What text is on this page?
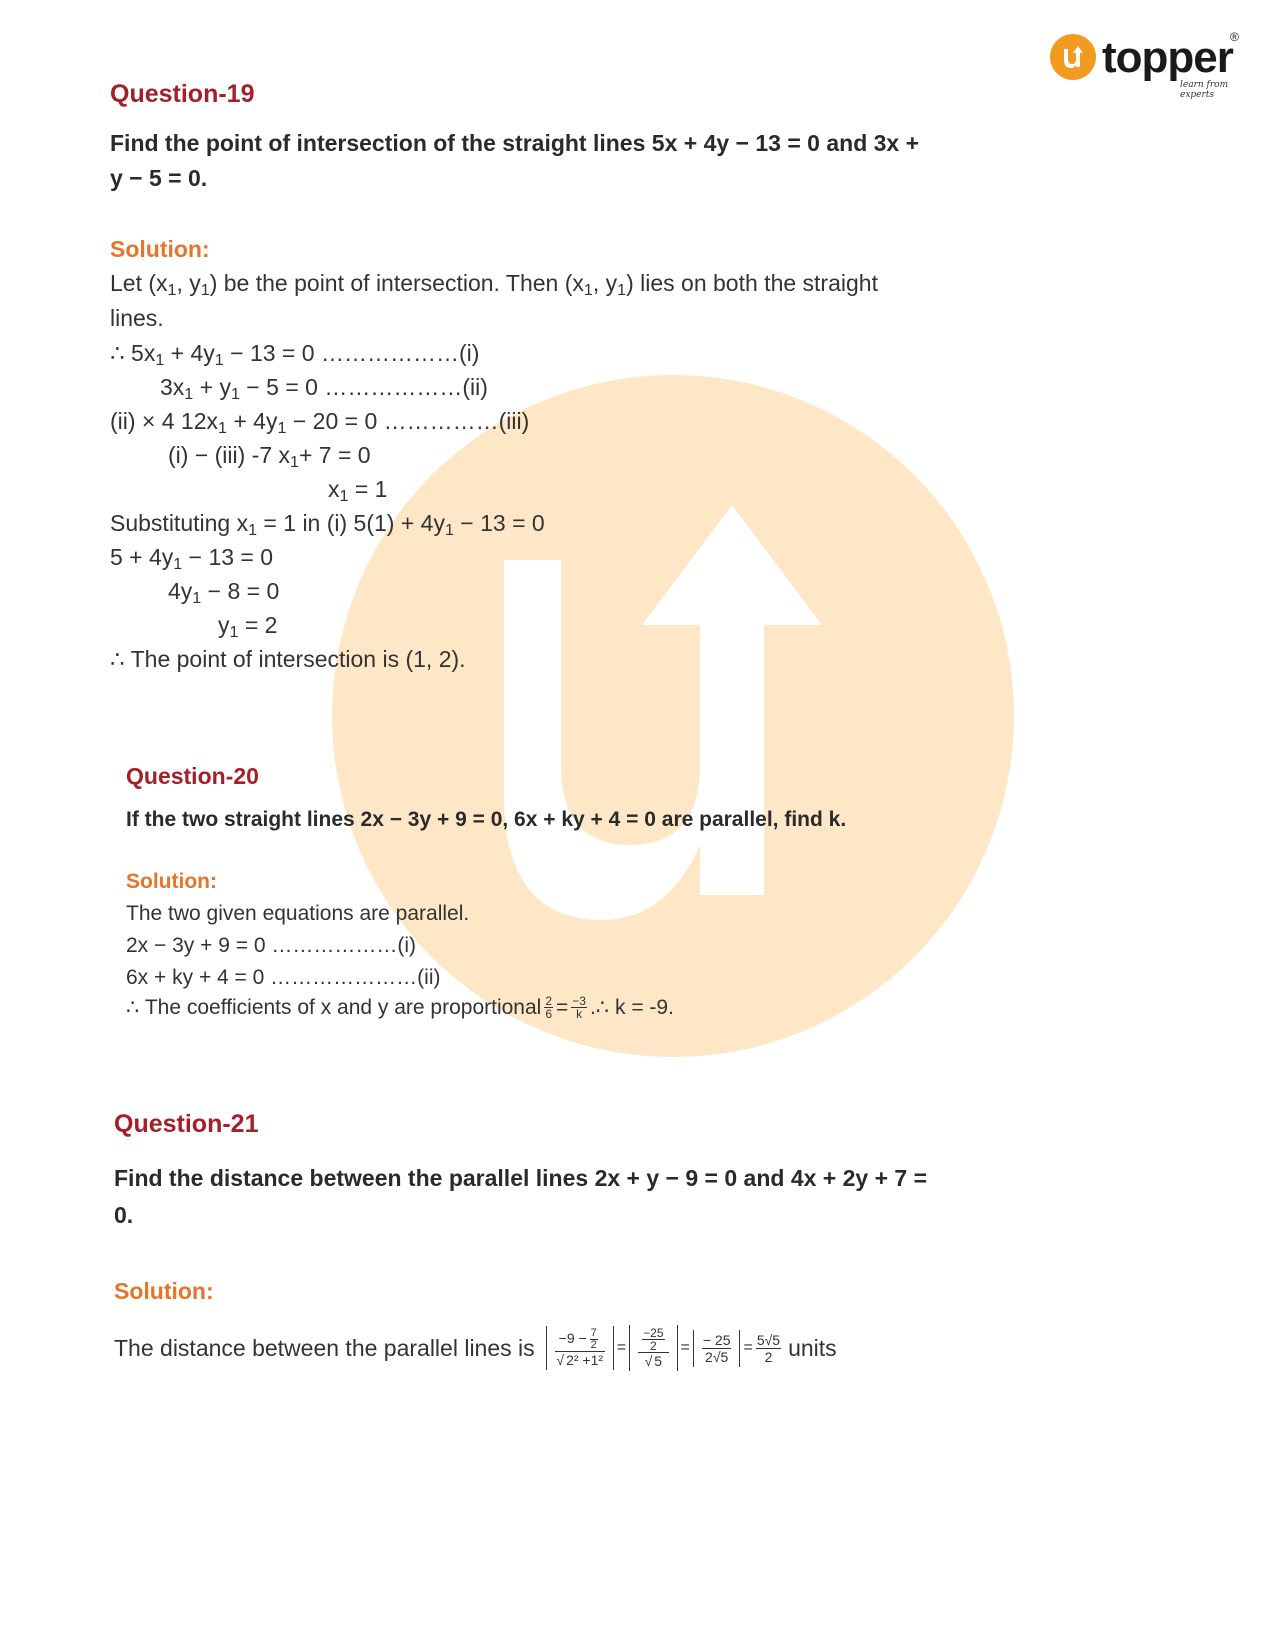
topper
®
learn from experts
Question-19
Find the point of intersection of the straight lines 5x + 4y − 13 = 0 and 3x +
y − 5 = 0.
Solution:
Let ($x_1$, $y_1$) be the point of intersection. Then ($x_1$, $y_1$) lies on both the straight
lines.
∴ $5x_1 + 4y_1 - 13 = 0$ ………………(i)
$3x_1 + y_1 - 5 = 0$ ………………(ii)
(ii) × 4 $12x_1 + 4y_1 - 20 = 0$ ……………(iii)
(i) − (iii) -7 $x_1+ 7 = 0$
$x_1 = 1$
Substituting $x_1 = 1$ in (i) $5(1) + 4y_1 - 13 = 0$
$5 + 4y_1 - 13 = 0$
$4y_1 - 8 = 0$
$y_1 = 2$
∴ The point of intersection is (1, 2).
Question-20
If the two straight lines 2x − 3y + 9 = 0, 6x + ky + 4 = 0 are parallel, find k.
Solution:
The two given equations are parallel.
2x − 3y + 9 = 0 ………………(i)
6x + ky + 4 = 0 …………………(ii)
∴ The coefficients of x and y are proportional $\frac{2}{6} = \frac{-3}{k}$ .∴ k = -9.
Question-21
Find the distance between the parallel lines 2x + y − 9 = 0 and 4x + 2y + 7 =
0.
Solution:
The distance between the parallel lines is $\frac{-9 - \frac{7}{2}}{\text{√ 2² +1²}} = \frac{\frac{-25}{2}}{√ 5} = \frac{- 25}{2√5} = \frac{5√5}{2}$ units
